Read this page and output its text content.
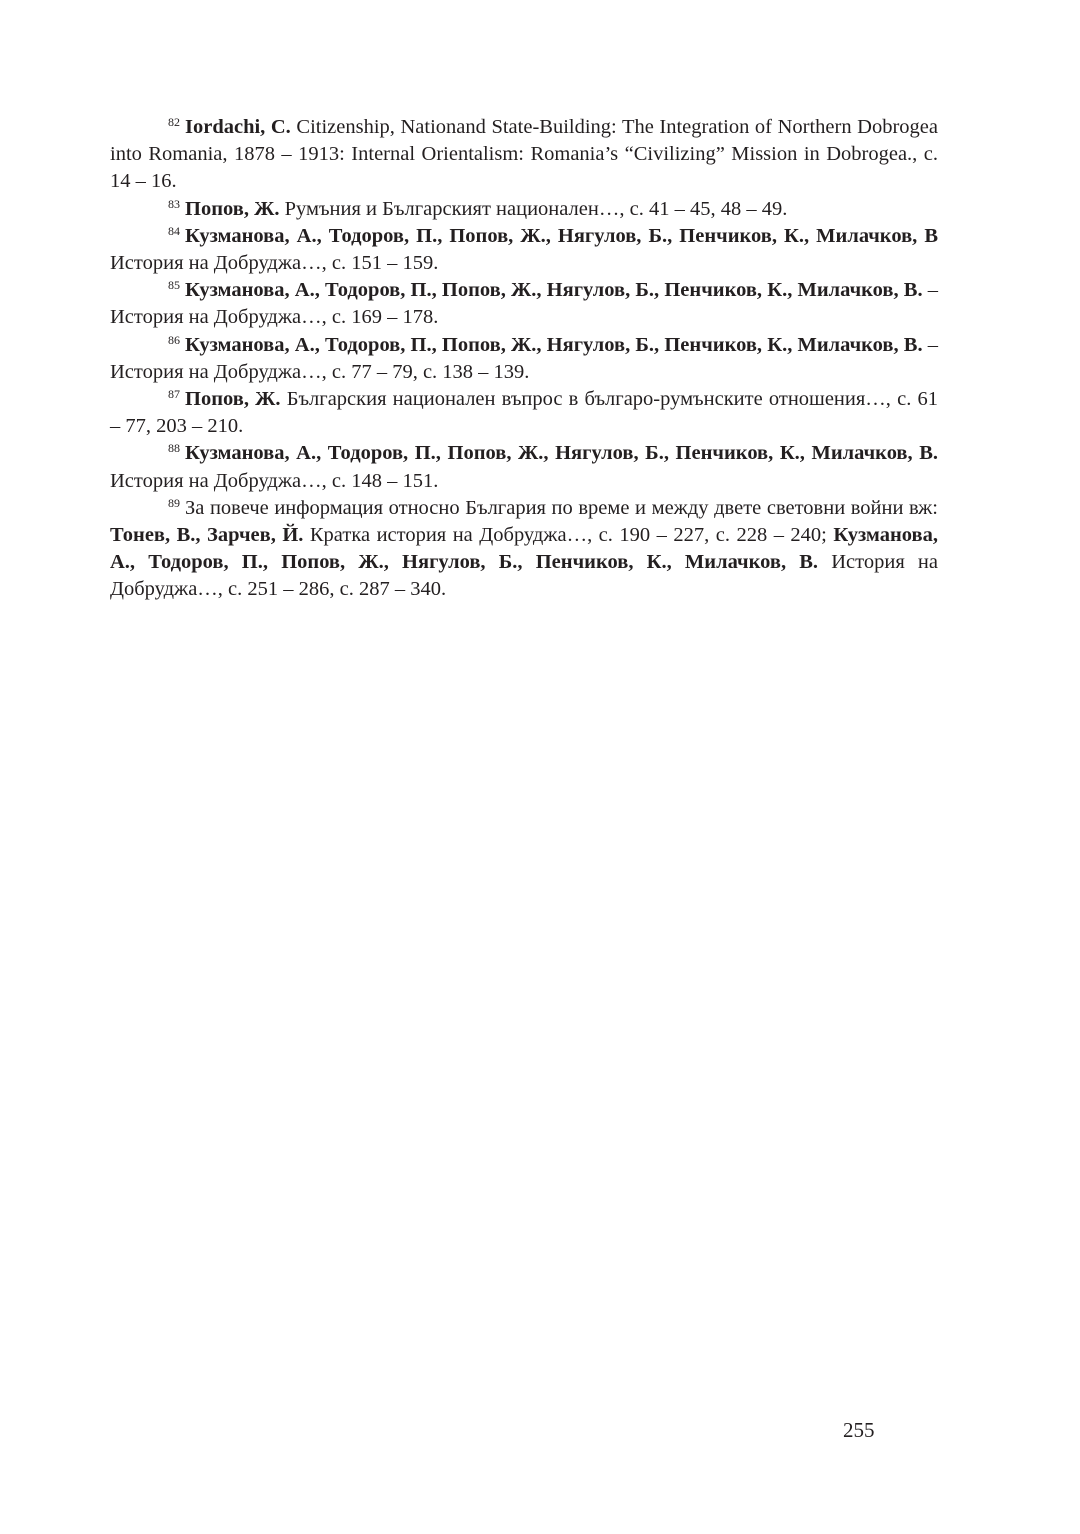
$^{82}$ Iordachi, C. Citizenship, Nationand State-Building: The Integration of Northern Dobrogea into Romania, 1878 – 1913: Internal Orientalism: Romania’s “Civilizing” Mission in Dobrogea., с. 14 – 16.

$^{83}$ Попов, Ж. Румъния и Българският национален…, с. 41 – 45, 48 – 49.

$^{84}$ Кузманова, А., Тодоров, П., Попов, Ж., Нягулов, Б., Пенчиков, К., Милачков, В История на Добруджа…, с. 151 – 159.

$^{85}$ Кузманова, А., Тодоров, П., Попов, Ж., Нягулов, Б., Пенчиков, К., Милачков, В. – История на Добруджа…, с. 169 – 178.

$^{86}$ Кузманова, А., Тодоров, П., Попов, Ж., Нягулов, Б., Пенчиков, К., Милачков, В. – История на Добруджа…, с. 77 – 79, с. 138 – 139.

$^{87}$ Попов, Ж. Българския национален въпрос в българо-румънските отношения…, с. 61 – 77, 203 – 210.

$^{88}$ Кузманова, А., Тодоров, П., Попов, Ж., Нягулов, Б., Пенчиков, К., Милачков, В. История на Добруджа…, с. 148 – 151.

$^{89}$ За повече информация относно България по време и между двете световни войни вж: Тонев, В., Зарчев, Й. Кратка история на Добруджа…, с. 190 – 227, с. 228 – 240; Кузманова, А., Тодоров, П., Попов, Ж., Нягулов, Б., Пенчиков, К., Милачков, В. История на Добруджа…, с. 251 – 286, с. 287 – 340.

255
